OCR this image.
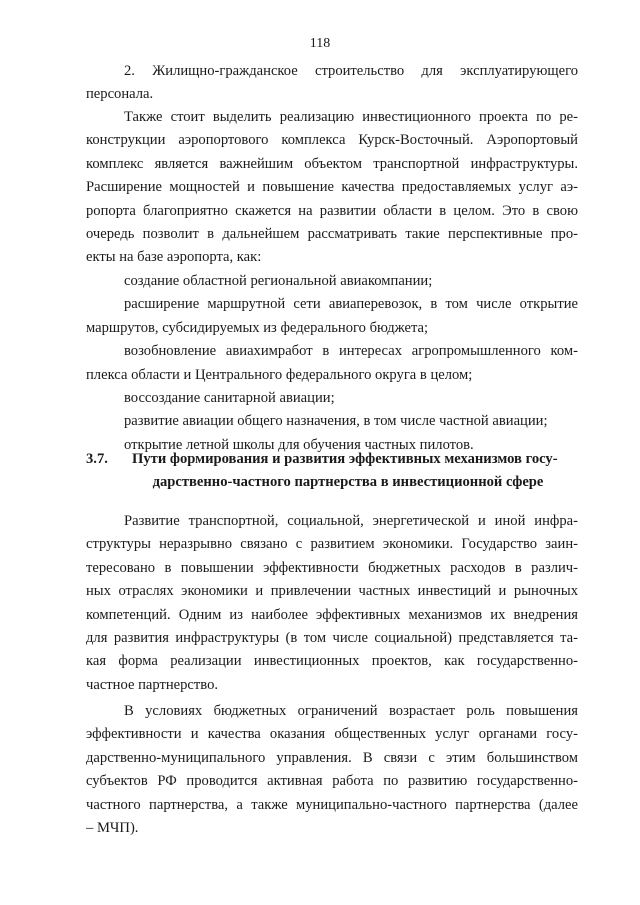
118
2. Жилищно-гражданское строительство для эксплуатирующего
персонала.
Также стоит выделить реализацию инвестиционного проекта по ре-
конструкции аэропортового комплекса Курск-Восточный. Аэропортовый
комплекс является важнейшим объектом транспортной инфраструктуры.
Расширение мощностей и повышение качества предоставляемых услуг аэ-
ропорта благоприятно скажется на развитии области в целом. Это в свою
очередь позволит в дальнейшем рассматривать такие перспективные про-
екты на базе аэропорта, как:
создание областной региональной авиакомпании;
расширение маршрутной сети авиаперевозок, в том числе открытие
маршрутов, субсидируемых из федерального бюджета;
возобновление авиахимработ в интересах агропромышленного ком-
плекса области и Центрального федерального округа в целом;
воссоздание санитарной авиации;
развитие авиации общего назначения, в том числе частной авиации;
открытие летной школы для обучения частных пилотов.
3.7.	Пути формирования и развития эффективных механизмов госу-
дарственно-частного партнерства в инвестиционной сфере
Развитие транспортной, социальной, энергетической и иной инфра-
структуры неразрывно связано с развитием экономики. Государство заин-
тересовано в повышении эффективности бюджетных расходов в различ-
ных отраслях экономики и привлечении частных инвестиций и рыночных
компетенций. Одним из наиболее эффективных механизмов их внедрения
для развития инфраструктуры (в том числе социальной) представляется та-
кая форма реализации инвестиционных проектов, как государственно-
частное партнерство.
В условиях бюджетных ограничений возрастает роль повышения
эффективности и качества оказания общественных услуг органами госу-
дарственно-муниципального управления. В связи с этим большинством
субъектов РФ проводится активная работа по развитию государственно-
частного партнерства, а также муниципально-частного партнерства (далее
– МЧП).
